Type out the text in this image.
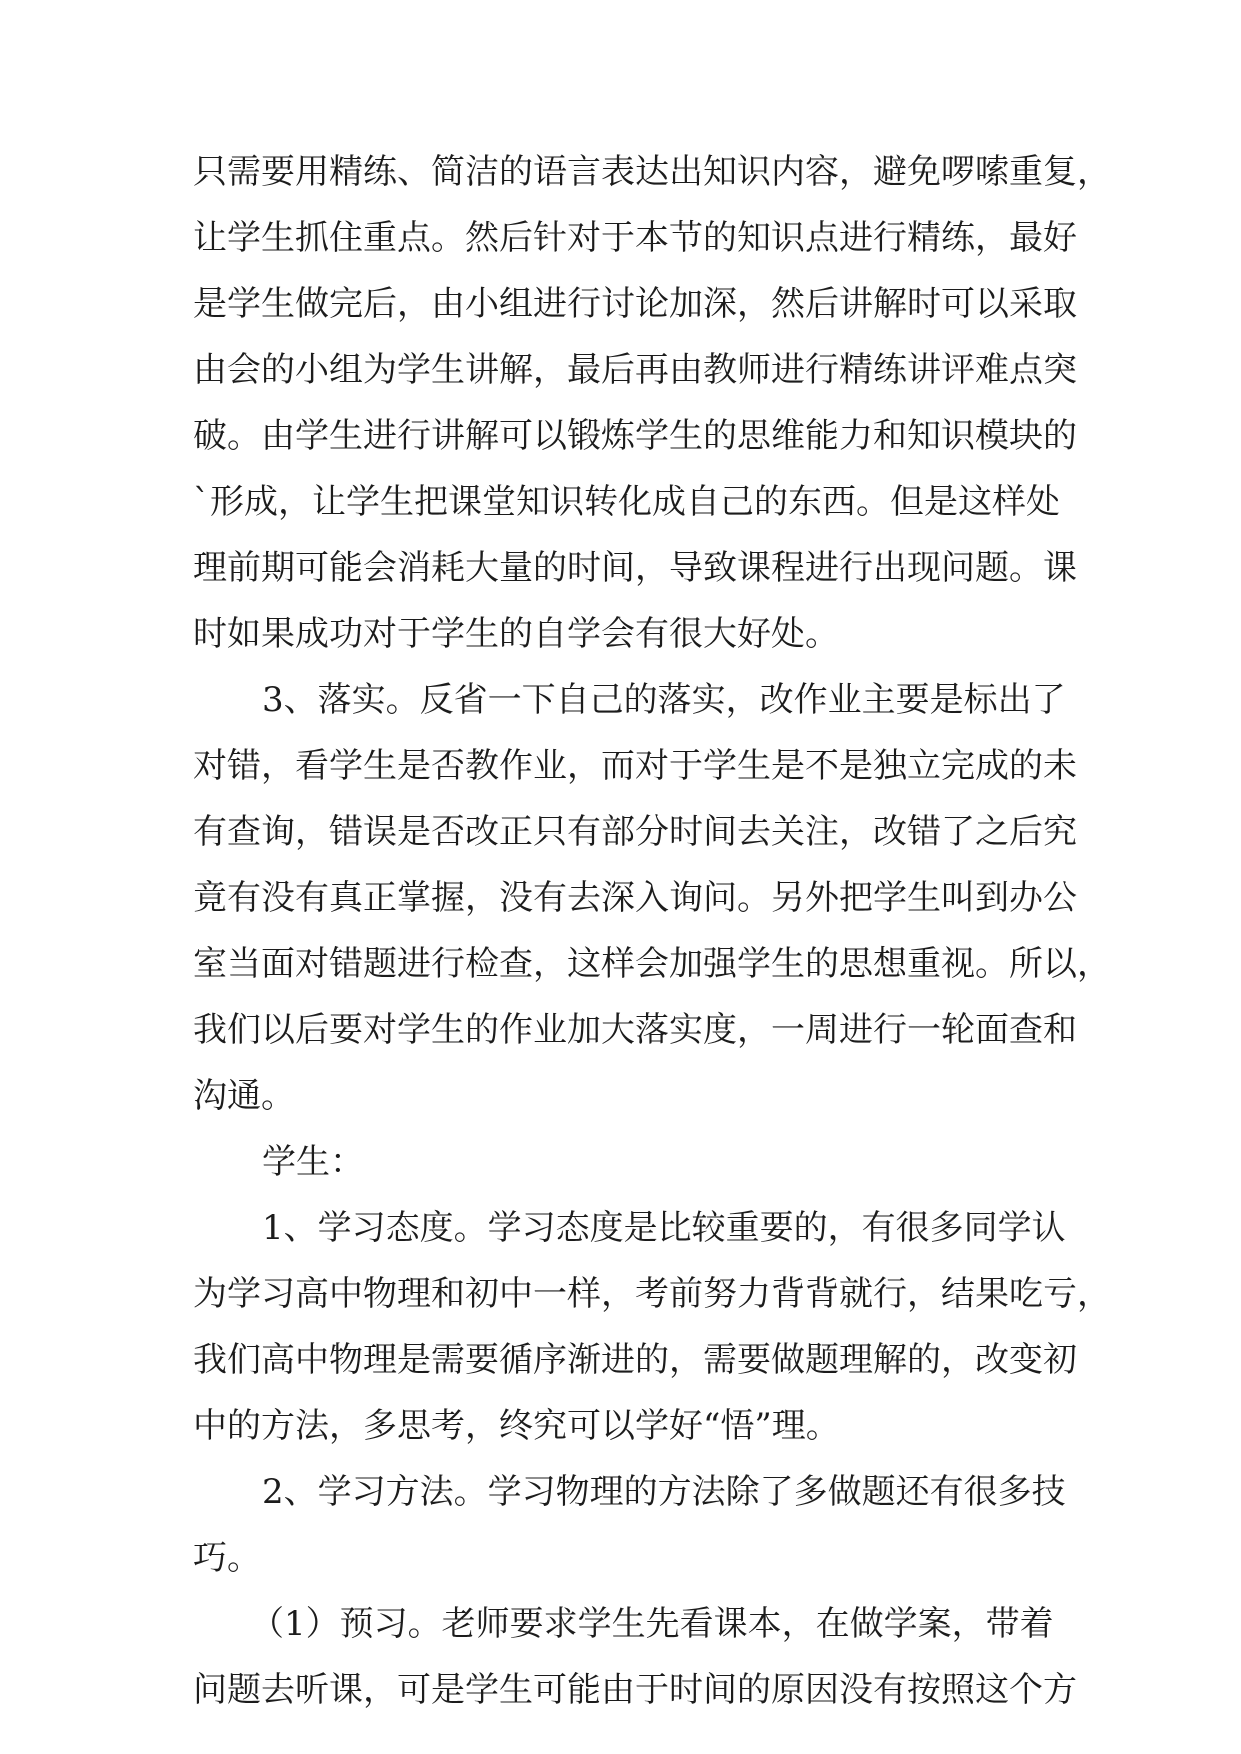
只需要用精练、简洁的语言表达出知识内容，避免啰嗦重复，
让学生抓住重点。然后针对于本节的知识点进行精练，最好
是学生做完后，由小组进行讨论加深，然后讲解时可以采取
由会的小组为学生讲解，最后再由教师进行精练讲评难点突
破。由学生进行讲解可以锻炼学生的思维能力和知识模块的
`形成，让学生把课堂知识转化成自己的东西。但是这样处
理前期可能会消耗大量的时间，导致课程进行出现问题。课
时如果成功对于学生的自学会有很大好处。
3、落实。反省一下自己的落实，改作业主要是标出了
对错，看学生是否教作业，而对于学生是不是独立完成的未
有查询，错误是否改正只有部分时间去关注，改错了之后究
竟有没有真正掌握，没有去深入询问。另外把学生叫到办公
室当面对错题进行检查，这样会加强学生的思想重视。所以，
我们以后要对学生的作业加大落实度，一周进行一轮面查和
沟通。
学生：
1、学习态度。学习态度是比较重要的，有很多同学认
为学习高中物理和初中一样，考前努力背背就行，结果吃亏，
我们高中物理是需要循序渐进的，需要做题理解的，改变初
中的方法，多思考，终究可以学好“悟”理。
2、学习方法。学习物理的方法除了多做题还有很多技
巧。
（1）预习。老师要求学生先看课本，在做学案，带着
问题去听课，可是学生可能由于时间的原因没有按照这个方
